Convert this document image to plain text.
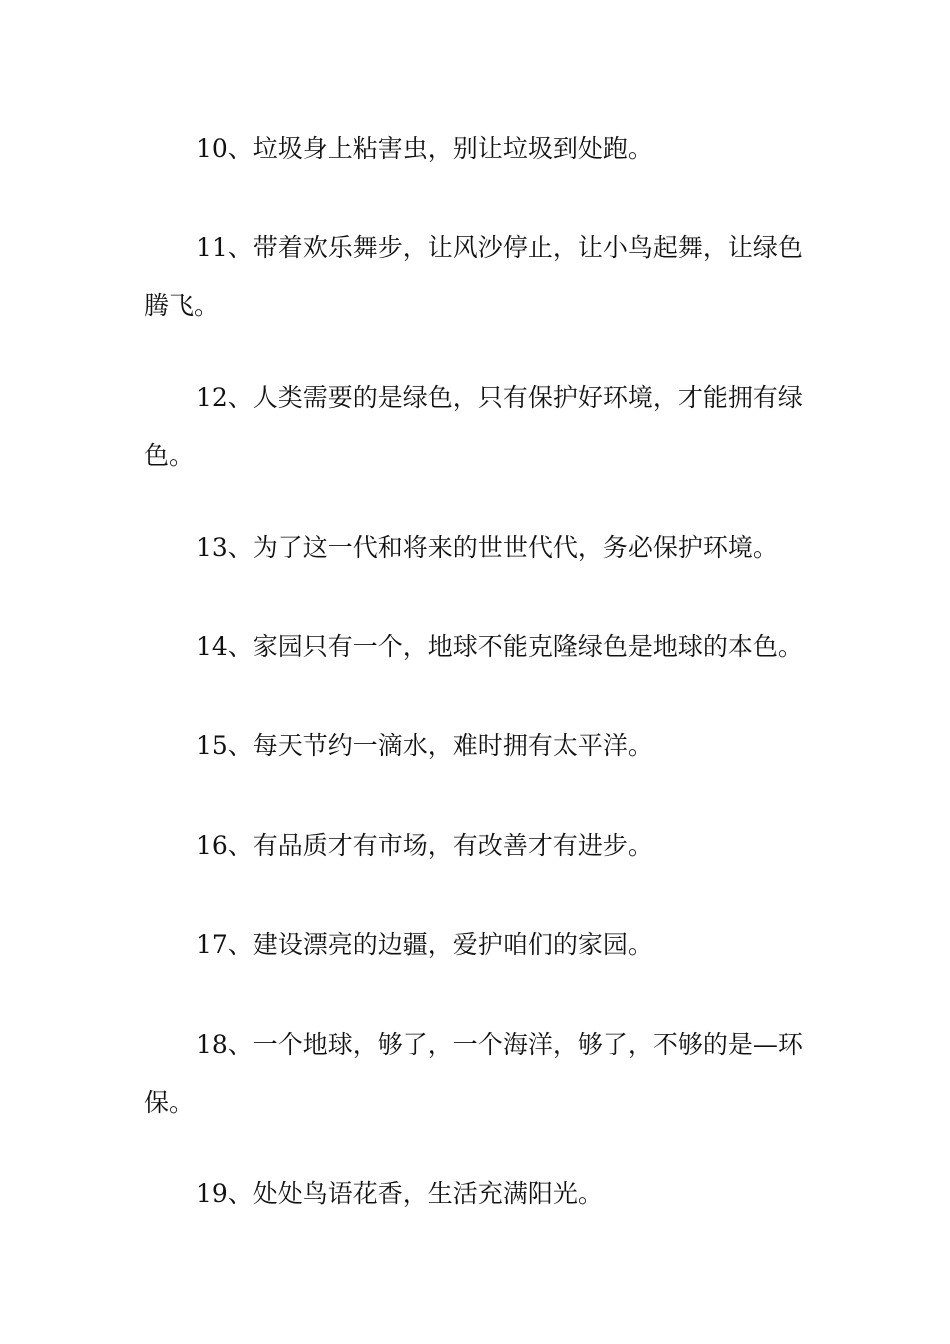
10、垃圾身上粘害虫，别让垃圾到处跑。

11、带着欢乐舞步，让风沙停止，让小鸟起舞，让绿色腾飞。

12、人类需要的是绿色，只有保护好环境，才能拥有绿色。

13、为了这一代和将来的世世代代，务必保护环境。

14、家园只有一个，地球不能克隆绿色是地球的本色。

15、每天节约一滴水，难时拥有太平洋。

16、有品质才有市场，有改善才有进步。

17、建设漂亮的边疆，爱护咱们的家园。

18、一个地球，够了，一个海洋，够了，不够的是—环保。

19、处处鸟语花香，生活充满阳光。
